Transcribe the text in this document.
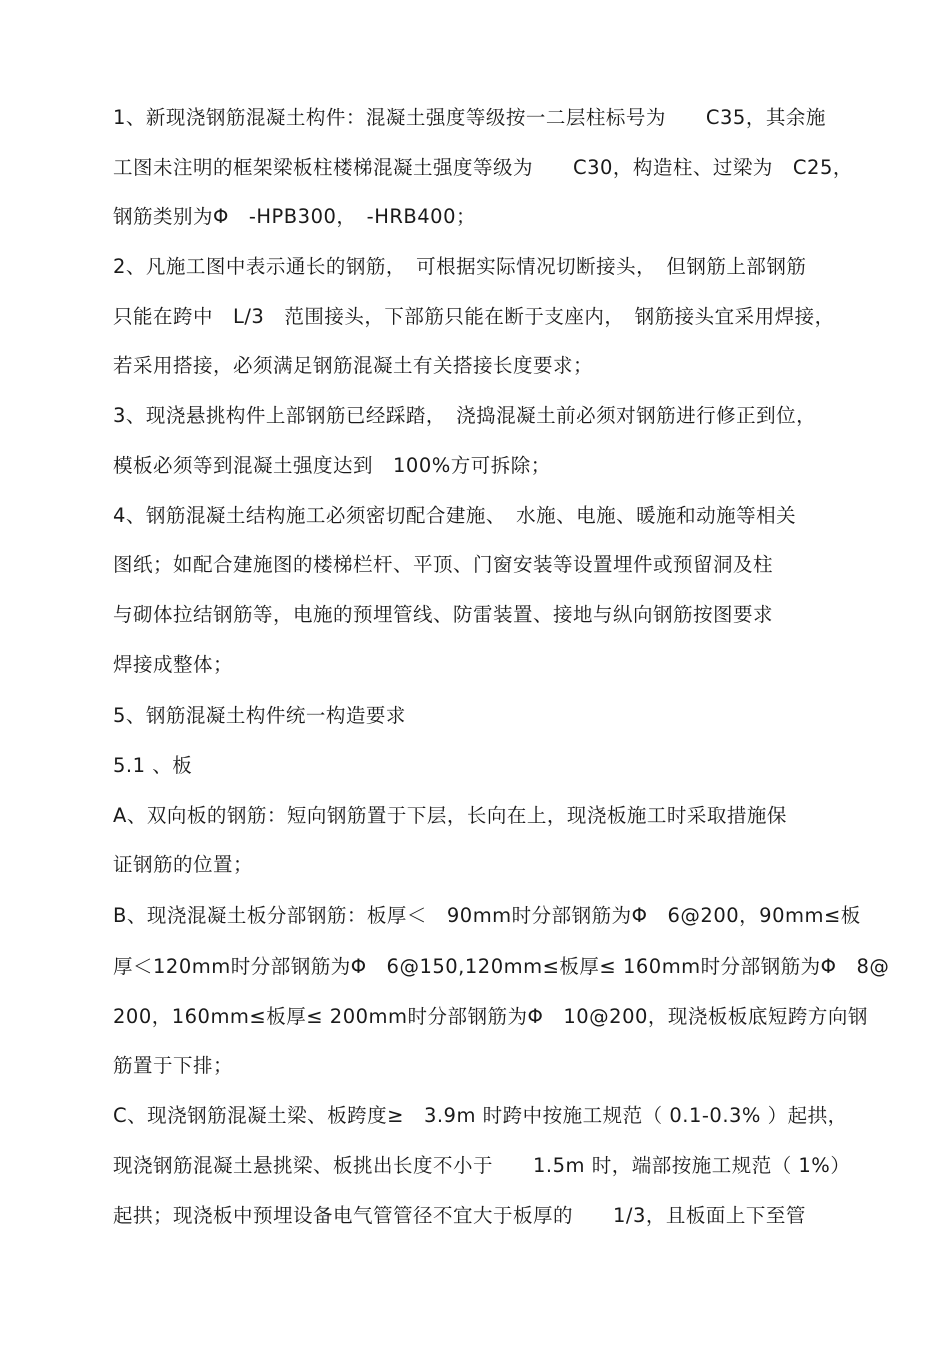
1、新现浇钢筋混凝土构件：混凝土强度等级按一二层柱标号为　　C35，其余施
工图未注明的框架梁板柱楼梯混凝土强度等级为　　C30，构造柱、过梁为　C25，
钢筋类别为Φ　-HPB300，　-HRB400；
2、凡施工图中表示通长的钢筋，　可根据实际情况切断接头，　但钢筋上部钢筋
只能在跨中　L/3　范围接头，下部筋只能在断于支座内，　钢筋接头宜采用焊接，
若采用搭接，必须满足钢筋混凝土有关搭接长度要求；
3、现浇悬挑构件上部钢筋已经踩踏，　浇捣混凝土前必须对钢筋进行修正到位，
模板必须等到混凝土强度达到　100%方可拆除；
4、钢筋混凝土结构施工必须密切配合建施、　水施、电施、暖施和动施等相关
图纸；如配合建施图的楼梯栏杆、平顶、门窗安装等设置埋件或预留洞及柱
与砌体拉结钢筋等，电施的预埋管线、防雷装置、接地与纵向钢筋按图要求
焊接成整体；
5、钢筋混凝土构件统一构造要求
5.1 、板
A、双向板的钢筋：短向钢筋置于下层，长向在上，现浇板施工时采取措施保
证钢筋的位置；
B、现浇混凝土板分部钢筋：板厚＜　90mm时分部钢筋为Φ　6@200，90mm≤板
厚＜120mm时分部钢筋为Φ　6@150,120mm≤板厚≤ 160mm时分部钢筋为Φ　8@
200，160mm≤板厚≤ 200mm时分部钢筋为Φ　10@200，现浇板板底短跨方向钢
筋置于下排；
C、现浇钢筋混凝土梁、板跨度≥　3.9m 时跨中按施工规范（ 0.1-0.3% ）起拱，
现浇钢筋混凝土悬挑梁、板挑出长度不小于　　1.5m 时，端部按施工规范（ 1%）
起拱；现浇板中预埋设备电气管管径不宜大于板厚的　　1/3，且板面上下至管
